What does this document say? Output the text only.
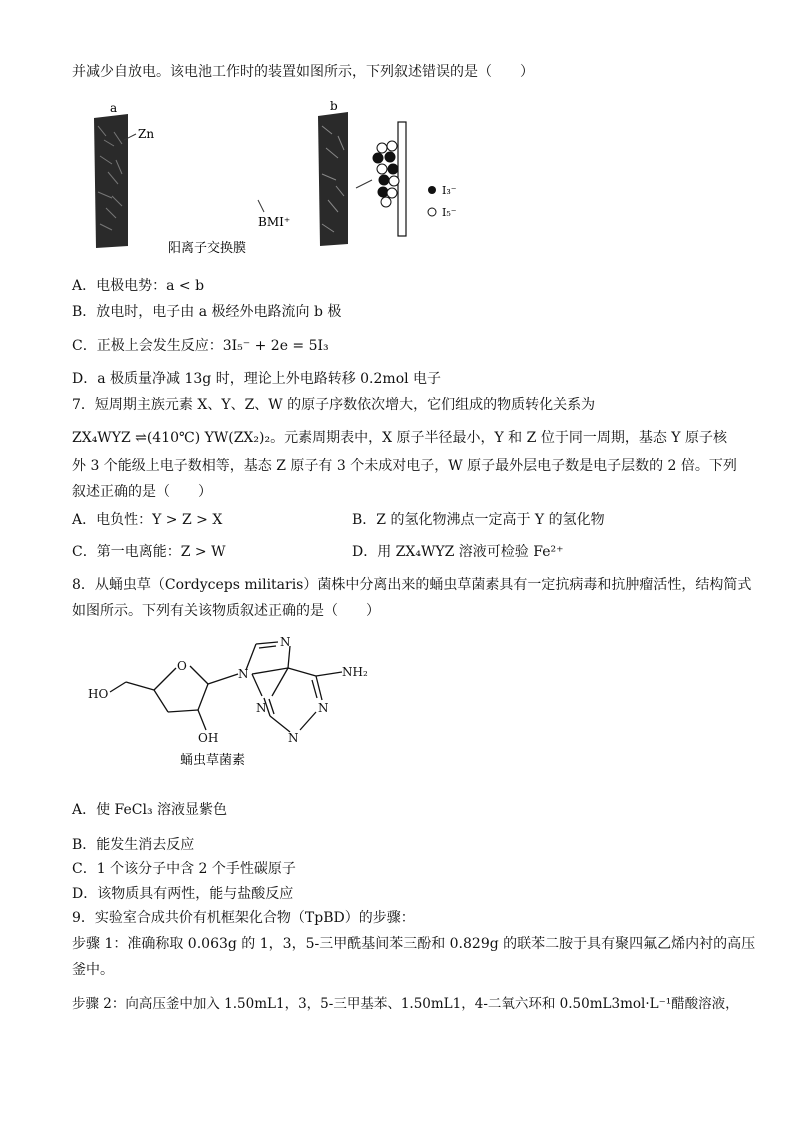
并减少自放电。该电池工作时的装置如图所示，下列叙述错误的是（　　）
a
Zn
BMI⁺
阳离子交换膜
b
I₃⁻
I₅⁻
A．电极电势：a < b
B．放电时，电子由 a 极经外电路流向 b 极
C．正极上会发生反应：3I₅⁻ + 2e = 5I₃
D．a 极质量净减 13g 时，理论上外电路转移 0.2mol 电子
7．短周期主族元素 X、Y、Z、W 的原子序数依次增大，它们组成的物质转化关系为
ZX₄WYZ ⇌(410℃) YW(ZX₂)₂。元素周期表中，X 原子半径最小，Y 和 Z 位于同一周期，基态 Y 原子核
外 3 个能级上电子数相等，基态 Z 原子有 3 个未成对电子，W 原子最外层电子数是电子层数的 2 倍。下列
叙述正确的是（　　）
A．电负性：Y > Z > X	B．Z 的氢化物沸点一定高于 Y 的氢化物
C．第一电离能：Z > W	D．用 ZX₄WYZ 溶液可检验 Fe²⁺
8．从蛹虫草（Cordyceps militaris）菌株中分离出来的蛹虫草菌素具有一定抗病毒和抗肿瘤活性，结构简式
如图所示。下列有关该物质叙述正确的是（　　）
HO
O
OH
N
N
N
N
N
NH₂
蛹虫草菌素
A．使 FeCl₃ 溶液显紫色
B．能发生消去反应
C．1 个该分子中含 2 个手性碳原子
D．该物质具有两性，能与盐酸反应
9．实验室合成共价有机框架化合物（TpBD）的步骤：
步骤 1：准确称取 0.063g 的 1，3，5-三甲酰基间苯三酚和 0.829g 的联苯二胺于具有聚四氟乙烯内衬的高压
釜中。
步骤 2：向高压釜中加入 1.50mL1，3，5-三甲基苯、1.50mL1，4-二氧六环和 0.50mL3mol·L⁻¹醋酸溶液，
